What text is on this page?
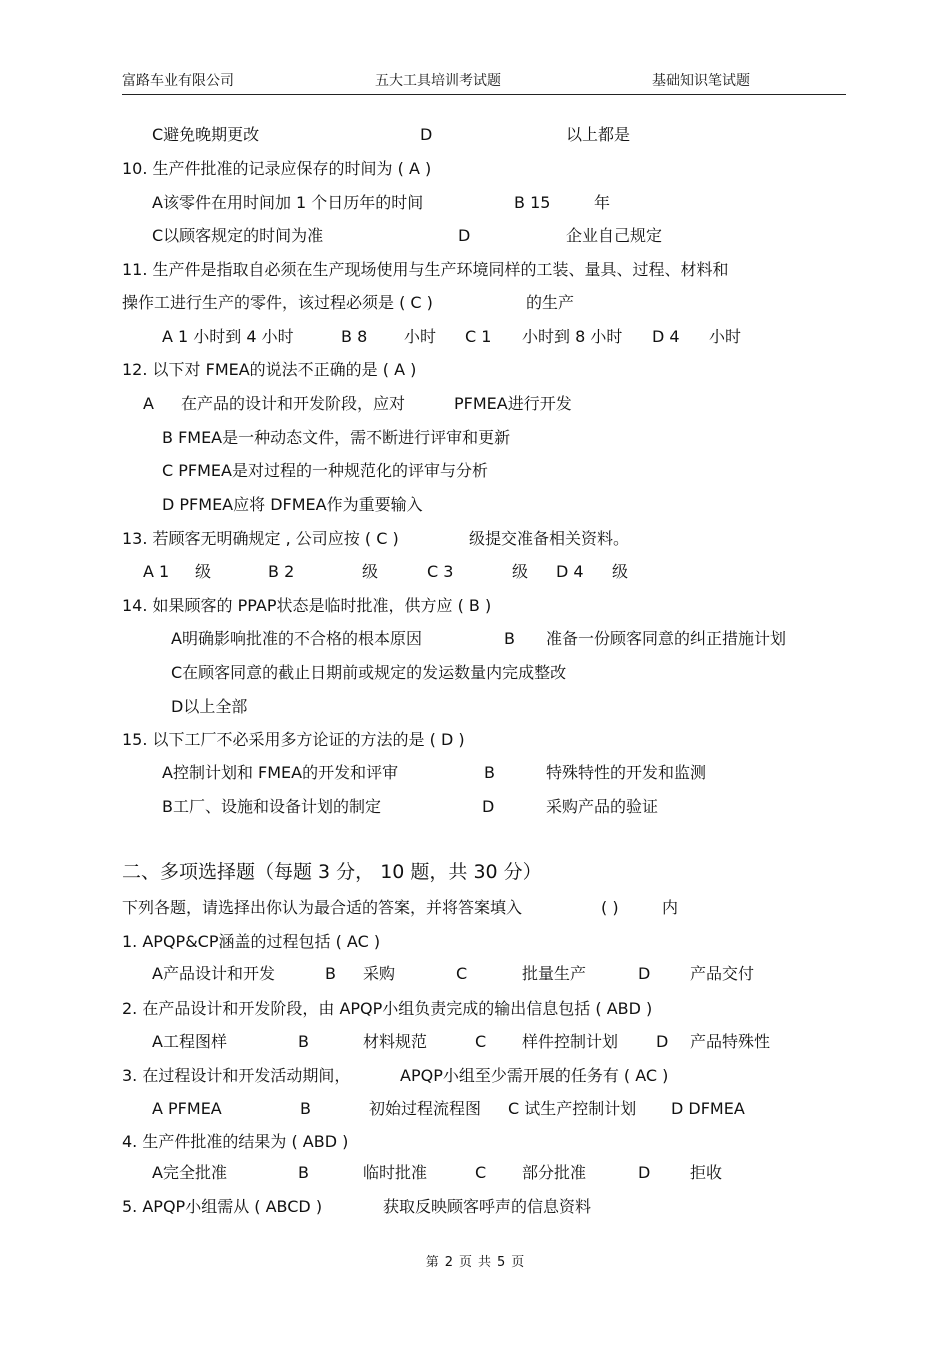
富路车业有限公司	五大工具培训考试题	基础知识笔试题
C避免晚期更改	D	以上都是
10. 生产件批准的记录应保存的时间为 ( A )
A该零件在用时间加 1 个日历年的时间	B 15	年
C以顾客规定的时间为准	D	企业自己规定
11. 生产件是指取自必须在生产现场使用与生产环境同样的工装、量具、过程、材料和
操作工进行生产的零件，该过程必须是 ( C )	的生产
A 1 小时到 4 小时	B 8 小时 C 1 小时到 8 小时 D 4 小时
12. 以下对 FMEA的说法不正确的是 ( A )
A 在产品的设计和开发阶段，应对	PFMEA进行开发
B FMEA是一种动态文件，需不断进行评审和更新
C PFMEA是对过程的一种规范化的评审与分析
D PFMEA应将 DFMEA作为重要输入
13. 若顾客无明确规定 , 公司应按 ( C )	级提交准备相关资料。
A 1 级	B 2	级	C 3	级 D 4 级
14. 如果顾客的 PPAP状态是临时批准，供方应 ( B )
A明确影响批准的不合格的根本原因	B 准备一份顾客同意的纠正措施计划
C在顾客同意的截止日期前或规定的发运数量内完成整改
D以上全部
15. 以下工厂不必采用多方论证的方法的是 ( D )
A控制计划和 FMEA的开发和评审	B	特殊特性的开发和监测
B工厂、设施和设备计划的制定	D	采购产品的验证
二、多项选择题（每题 3 分， 10 题，共 30 分）
下列各题，请选择出你认为最合适的答案，并将答案填入	( )	内
1. APQP&CP涵盖的过程包括 ( AC )
A产品设计和开发	B 采购	C	批量生产	D 产品交付
2. 在产品设计和开发阶段，由 APQP小组负责完成的输出信息包括 ( ABD )
A工程图样	B	材料规范	C 样件控制计划 D 产品特殊性
3. 在过程设计和开发活动期间，	APQP小组至少需开展的任务有 ( AC )
A PFMEA	B	初始过程流程图 C 试生产控制计划 D DFMEA
4. 生产件批准的结果为 ( ABD )
A完全批准	B	临时批准	C 部分批准	D 拒收
5. APQP小组需从 ( ABCD )	获取反映顾客呼声的信息资料
第 2 页 共 5 页
